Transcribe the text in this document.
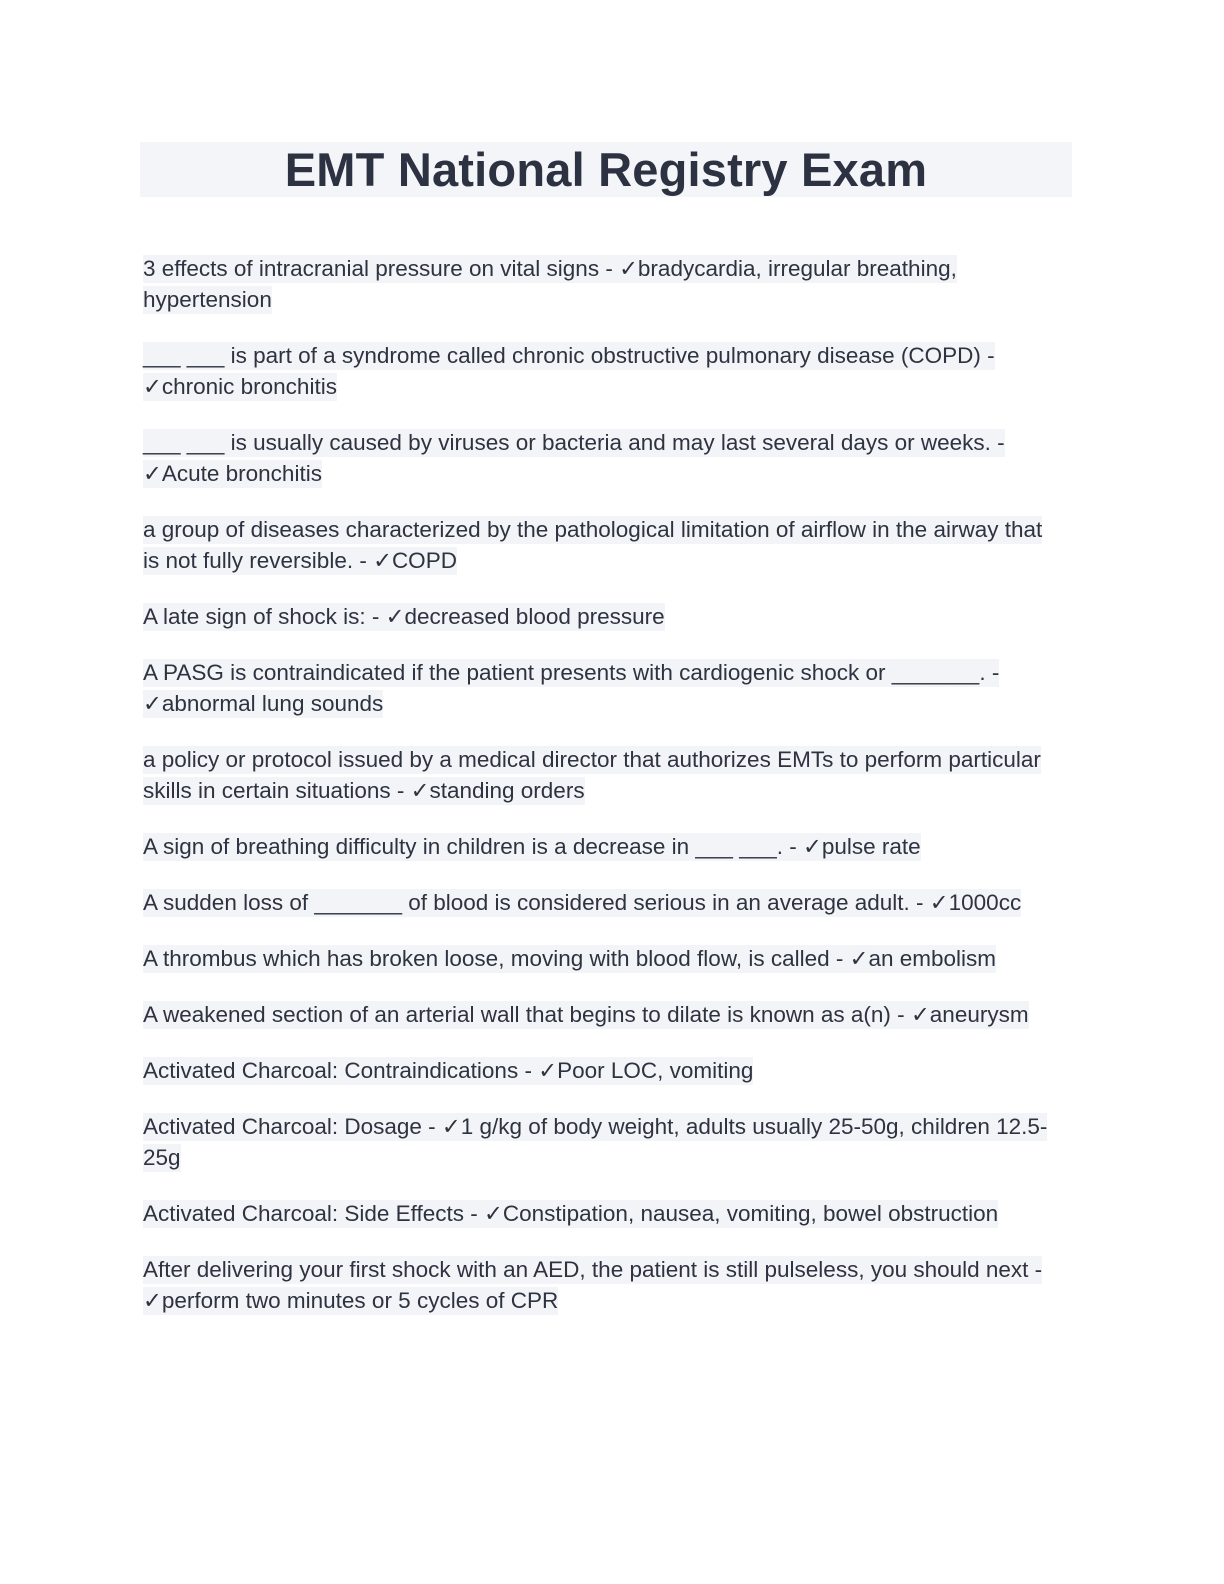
EMT National Registry Exam

3 effects of intracranial pressure on vital signs - ✓bradycardia, irregular breathing, hypertension

___ ___ is part of a syndrome called chronic obstructive pulmonary disease (COPD) - ✓chronic bronchitis

___ ___ is usually caused by viruses or bacteria and may last several days or weeks. - ✓Acute bronchitis

a group of diseases characterized by the pathological limitation of airflow in the airway that is not fully reversible. - ✓COPD

A late sign of shock is: - ✓decreased blood pressure

A PASG is contraindicated if the patient presents with cardiogenic shock or _______. - ✓abnormal lung sounds

a policy or protocol issued by a medical director that authorizes EMTs to perform particular skills in certain situations - ✓standing orders

A sign of breathing difficulty in children is a decrease in ___ ___. - ✓pulse rate

A sudden loss of _______ of blood is considered serious in an average adult. - ✓1000cc

A thrombus which has broken loose, moving with blood flow, is called - ✓an embolism

A weakened section of an arterial wall that begins to dilate is known as a(n) - ✓aneurysm

Activated Charcoal: Contraindications - ✓Poor LOC, vomiting

Activated Charcoal: Dosage - ✓1 g/kg of body weight, adults usually 25-50g, children 12.5-25g

Activated Charcoal: Side Effects - ✓Constipation, nausea, vomiting, bowel obstruction

After delivering your first shock with an AED, the patient is still pulseless, you should next - ✓perform two minutes or 5 cycles of CPR
